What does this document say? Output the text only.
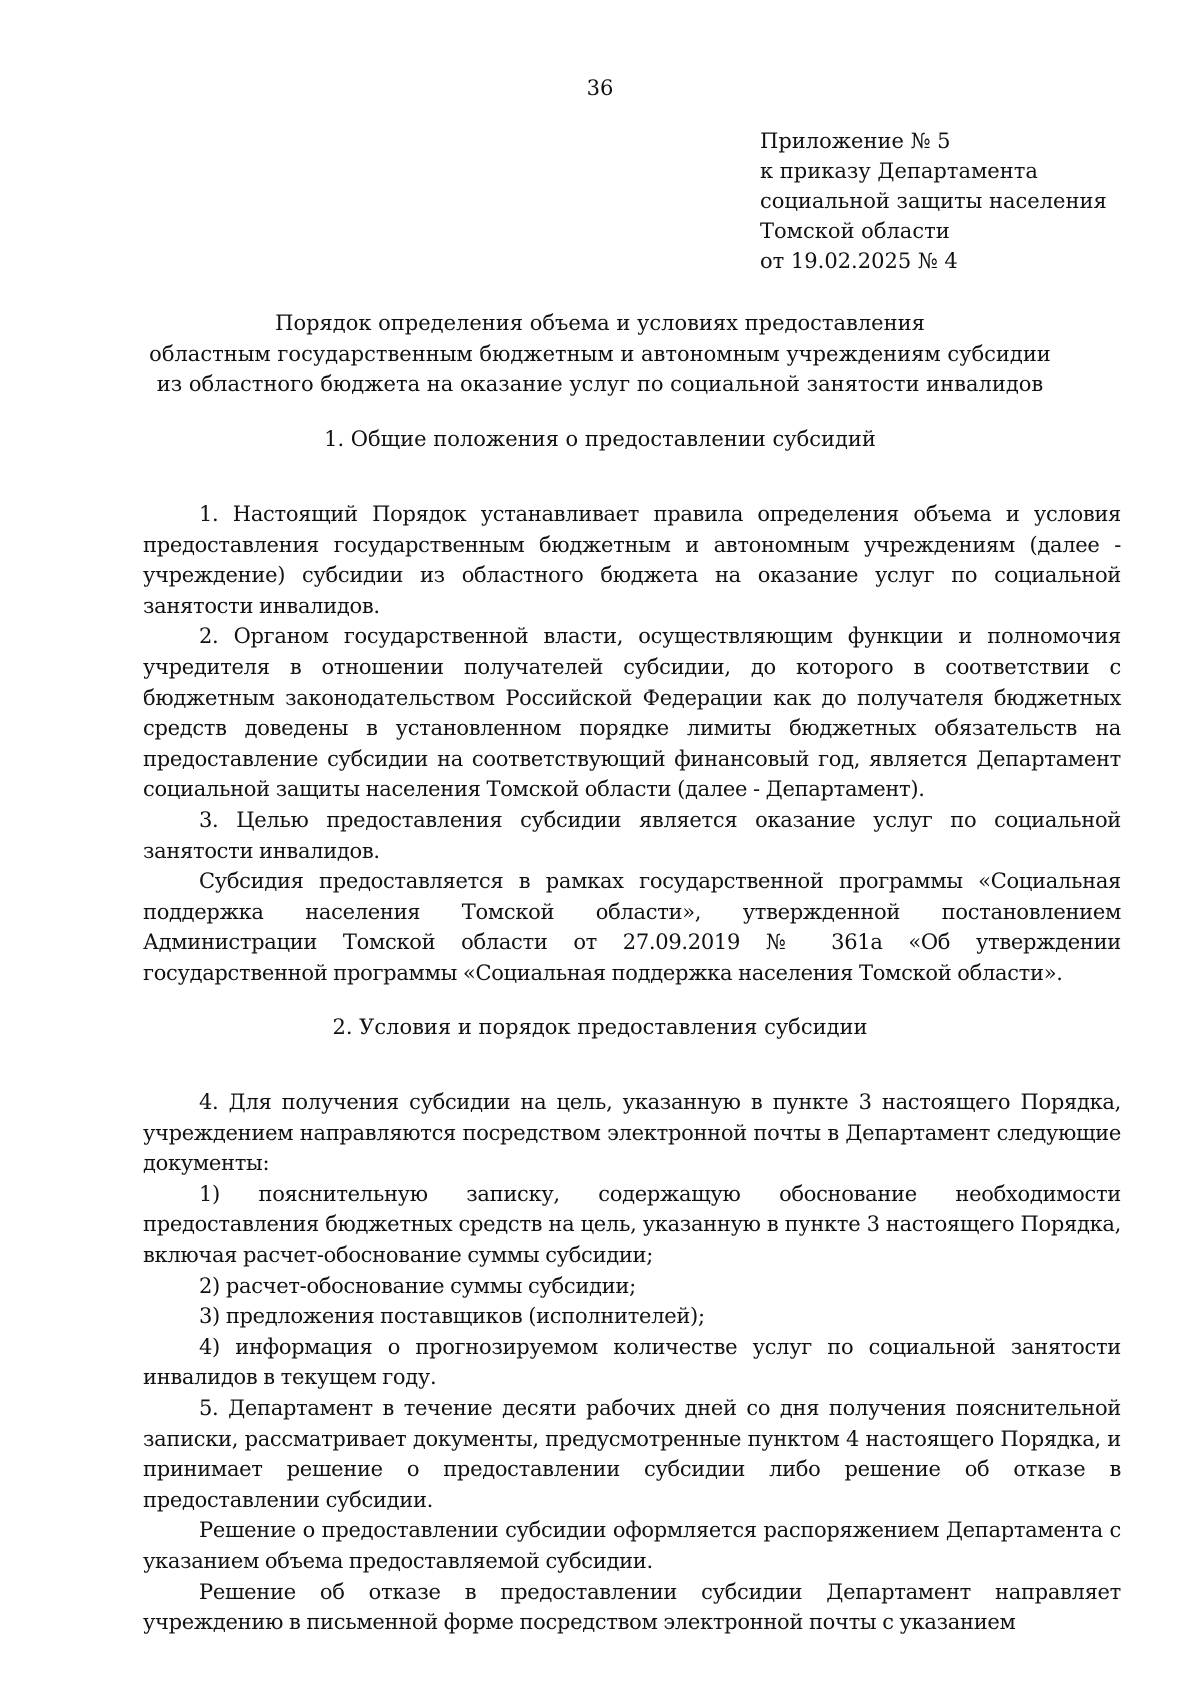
36
Приложение № 5
к приказу Департамента
социальной защиты населения
Томской области
от 19.02.2025 № 4
Порядок определения объема и условиях предоставления
областным государственным бюджетным и автономным учреждениям субсидии
из областного бюджета на оказание услуг по социальной занятости инвалидов
1. Общие положения о предоставлении субсидий

1. Настоящий Порядок устанавливает правила определения объема и условия предоставления государственным бюджетным и автономным учреждениям (далее - учреждение) субсидии из областного бюджета на оказание услуг по социальной занятости инвалидов.

2. Органом государственной власти, осуществляющим функции и полномочия учредителя в отношении получателей субсидии, до которого в соответствии с бюджетным законодательством Российской Федерации как до получателя бюджетных средств доведены в установленном порядке лимиты бюджетных обязательств на предоставление субсидии на соответствующий финансовый год, является Департамент социальной защиты населения Томской области (далее - Департамент).

3. Целью предоставления субсидии является оказание услуг по социальной занятости инвалидов.

Субсидия предоставляется в рамках государственной программы «Социальная поддержка населения Томской области», утвержденной постановлением Администрации Томской области от 27.09.2019 № 361а «Об утверждении государственной программы «Социальная поддержка населения Томской области».

2. Условия и порядок предоставления субсидии

4. Для получения субсидии на цель, указанную в пункте 3 настоящего Порядка, учреждением направляются посредством электронной почты в Департамент следующие документы:

1) пояснительную записку, содержащую обоснование необходимости предоставления бюджетных средств на цель, указанную в пункте 3 настоящего Порядка, включая расчет-обоснование суммы субсидии;

2) расчет-обоснование суммы субсидии;

3) предложения поставщиков (исполнителей);

4) информация о прогнозируемом количестве услуг по социальной занятости инвалидов в текущем году.

5. Департамент в течение десяти рабочих дней со дня получения пояснительной записки, рассматривает документы, предусмотренные пунктом 4 настоящего Порядка, и принимает решение о предоставлении субсидии либо решение об отказе в предоставлении субсидии.

Решение о предоставлении субсидии оформляется распоряжением Департамента с указанием объема предоставляемой субсидии.

Решение об отказе в предоставлении субсидии Департамент направляет учреждению в письменной форме посредством электронной почты с указанием
